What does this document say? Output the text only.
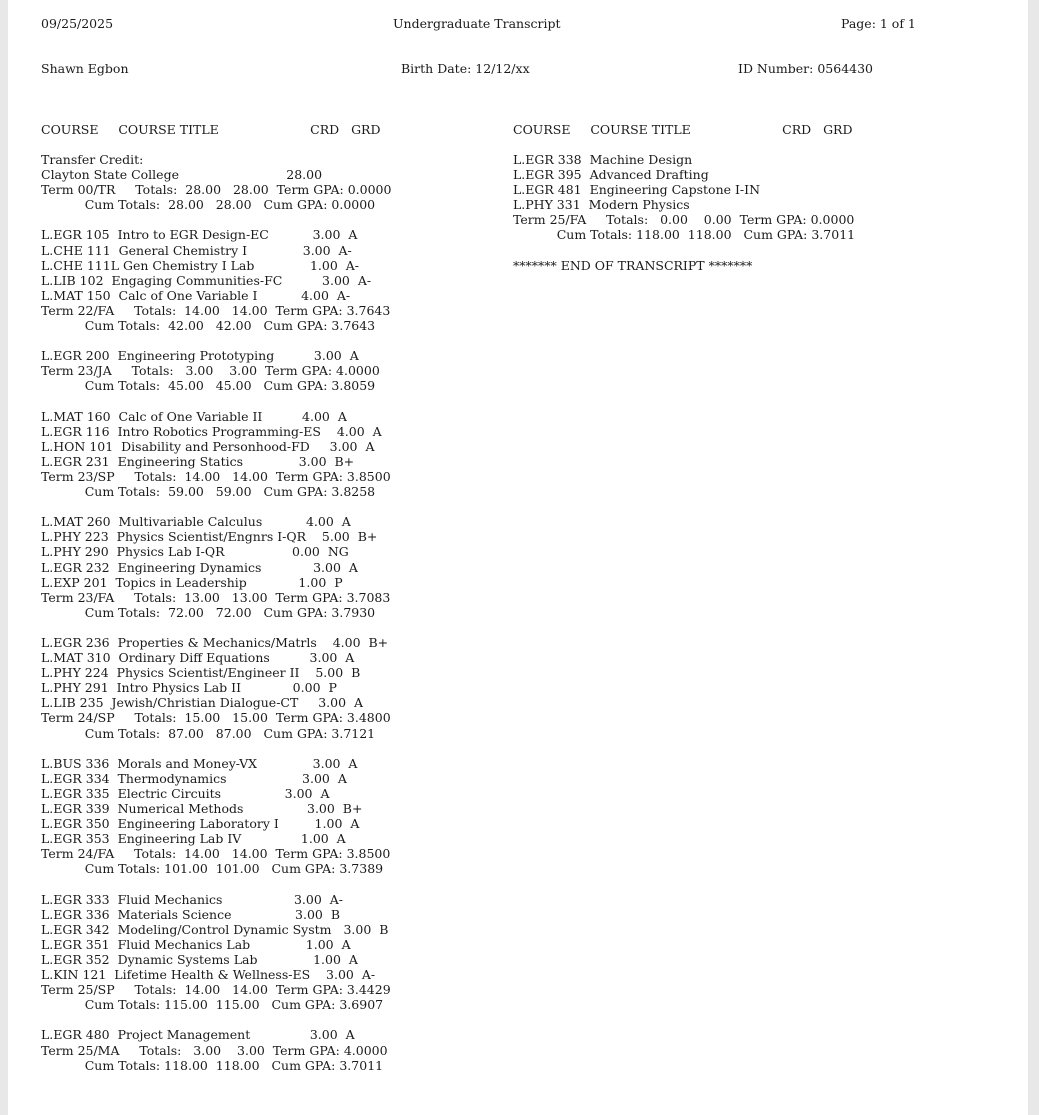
09/25/2025	Undergraduate Transcript	Page: 1 of 1
Shawn Egbon	Birth Date: 12/12/xx	ID Number: 0564430
COURSE     COURSE TITLE                       CRD   GRD	COURSE     COURSE TITLE                       CRD   GRD
Transfer Credit:
Clayton State College                           28.00
Term 00/TR     Totals:  28.00   28.00  Term GPA: 0.0000
Cum Totals:  28.00   28.00   Cum GPA: 0.0000
L.EGR 105  Intro to EGR Design-EC           3.00  A
L.CHE 111  General Chemistry I              3.00  A-
L.CHE 111L Gen Chemistry I Lab              1.00  A-
L.LIB 102  Engaging Communities-FC          3.00  A-
L.MAT 150  Calc of One Variable I           4.00  A-
Term 22/FA     Totals:  14.00   14.00  Term GPA: 3.7643
Cum Totals:  42.00   42.00   Cum GPA: 3.7643
L.EGR 200  Engineering Prototyping          3.00  A
Term 23/JA     Totals:   3.00    3.00  Term GPA: 4.0000
Cum Totals:  45.00   45.00   Cum GPA: 3.8059
L.MAT 160  Calc of One Variable II          4.00  A
L.EGR 116  Intro Robotics Programming-ES    4.00  A
L.HON 101  Disability and Personhood-FD     3.00  A
L.EGR 231  Engineering Statics              3.00  B+
Term 23/SP     Totals:  14.00   14.00  Term GPA: 3.8500
Cum Totals:  59.00   59.00   Cum GPA: 3.8258
L.MAT 260  Multivariable Calculus           4.00  A
L.PHY 223  Physics Scientist/Engnrs I-QR    5.00  B+
L.PHY 290  Physics Lab I-QR                 0.00  NG
L.EGR 232  Engineering Dynamics             3.00  A
L.EXP 201  Topics in Leadership             1.00  P
Term 23/FA     Totals:  13.00   13.00  Term GPA: 3.7083
Cum Totals:  72.00   72.00   Cum GPA: 3.7930
L.EGR 236  Properties & Mechanics/Matrls    4.00  B+
L.MAT 310  Ordinary Diff Equations          3.00  A
L.PHY 224  Physics Scientist/Engineer II    5.00  B
L.PHY 291  Intro Physics Lab II             0.00  P
L.LIB 235  Jewish/Christian Dialogue-CT     3.00  A
Term 24/SP     Totals:  15.00   15.00  Term GPA: 3.4800
Cum Totals:  87.00   87.00   Cum GPA: 3.7121
L.BUS 336  Morals and Money-VX              3.00  A
L.EGR 334  Thermodynamics                   3.00  A
L.EGR 335  Electric Circuits                3.00  A
L.EGR 339  Numerical Methods                3.00  B+
L.EGR 350  Engineering Laboratory I         1.00  A
L.EGR 353  Engineering Lab IV               1.00  A
Term 24/FA     Totals:  14.00   14.00  Term GPA: 3.8500
Cum Totals: 101.00  101.00   Cum GPA: 3.7389
L.EGR 333  Fluid Mechanics                  3.00  A-
L.EGR 336  Materials Science                3.00  B
L.EGR 342  Modeling/Control Dynamic Systm   3.00  B
L.EGR 351  Fluid Mechanics Lab              1.00  A
L.EGR 352  Dynamic Systems Lab              1.00  A
L.KIN 121  Lifetime Health & Wellness-ES    3.00  A-
Term 25/SP     Totals:  14.00   14.00  Term GPA: 3.4429
Cum Totals: 115.00  115.00   Cum GPA: 3.6907
L.EGR 480  Project Management               3.00  A
Term 25/MA     Totals:   3.00    3.00  Term GPA: 4.0000
Cum Totals: 118.00  118.00   Cum GPA: 3.7011
L.EGR 338  Machine Design
L.EGR 395  Advanced Drafting
L.EGR 481  Engineering Capstone I-IN
L.PHY 331  Modern Physics
Term 25/FA     Totals:   0.00    0.00  Term GPA: 0.0000
Cum Totals: 118.00  118.00   Cum GPA: 3.7011
******* END OF TRANSCRIPT *******
